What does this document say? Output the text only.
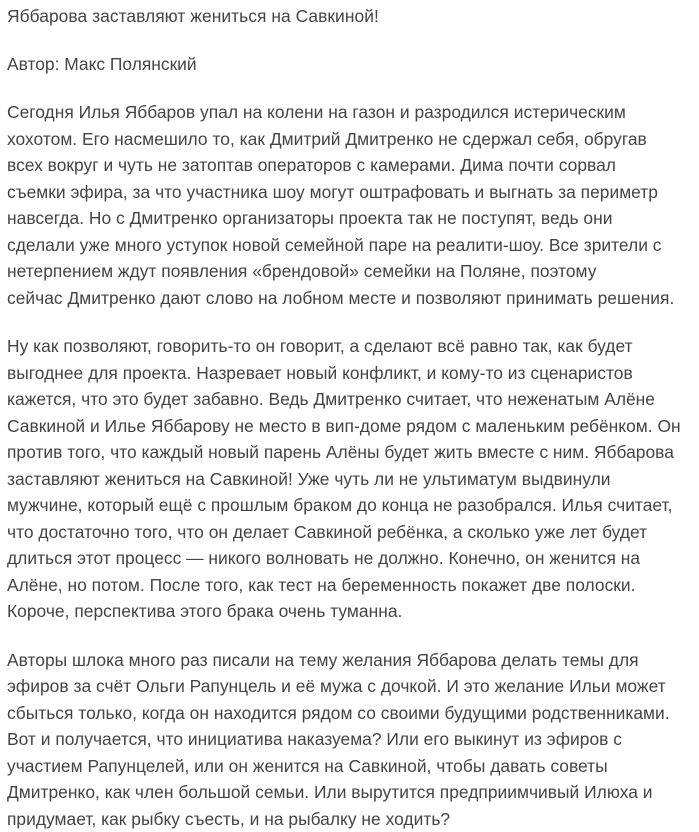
Яббарова заставляют жениться на Савкиной!
Автор: Макс Полянский

Сегодня Илья Яббаров упал на колени на газон и разродился истерическим
хохотом. Его насмешило то, как Дмитрий Дмитренко не сдержал себя, обругав
всех вокруг и чуть не затоптав операторов с камерами. Дима почти сорвал
съемки эфира, за что участника шоу могут оштрафовать и выгнать за периметр
навсегда. Но с Дмитренко организаторы проекта так не поступят, ведь они
сделали уже много уступок новой семейной паре на реалити-шоу. Все зрители с
нетерпением ждут появления «брендовой» семейки на Поляне, поэтому
сейчас Дмитренко дают слово на лобном месте и позволяют принимать решения.

Ну как позволяют, говорить-то он говорит, а сделают всё равно так, как будет
выгоднее для проекта. Назревает новый конфликт, и кому-то из сценаристов
кажется, что это будет забавно. Ведь Дмитренко считает, что неженатым Алёне
Савкиной и Илье Яббарову не место в вип-доме рядом с маленьким ребёнком. Он
против того, что каждый новый парень Алёны будет жить вместе с ним. Яббарова
заставляют жениться на Савкиной! Уже чуть ли не ультиматум выдвинули
мужчине, который ещё с прошлым браком до конца не разобрался. Илья считает,
что достаточно того, что он делает Савкиной ребёнка, а сколько уже лет будет
длиться этот процесс — никого волновать не должно. Конечно, он женится на
Алёне, но потом. После того, как тест на беременность покажет две полоски.
Короче, перспектива этого брака очень туманна.

Авторы шлока много раз писали на тему желания Яббарова делать темы для
эфиров за счёт Ольги Рапунцель и её мужа с дочкой. И это желание Ильи может
сбыться только, когда он находится рядом со своими будущими родственниками.
Вот и получается, что инициатива наказуема? Или его выкинут из эфиров с
участием Рапунцелей, или он женится на Савкиной, чтобы давать советы
Дмитренко, как член большой семьи. Или вырутится предприимчивый Илюха и
придумает, как рыбку съесть, и на рыбалку не ходить?
